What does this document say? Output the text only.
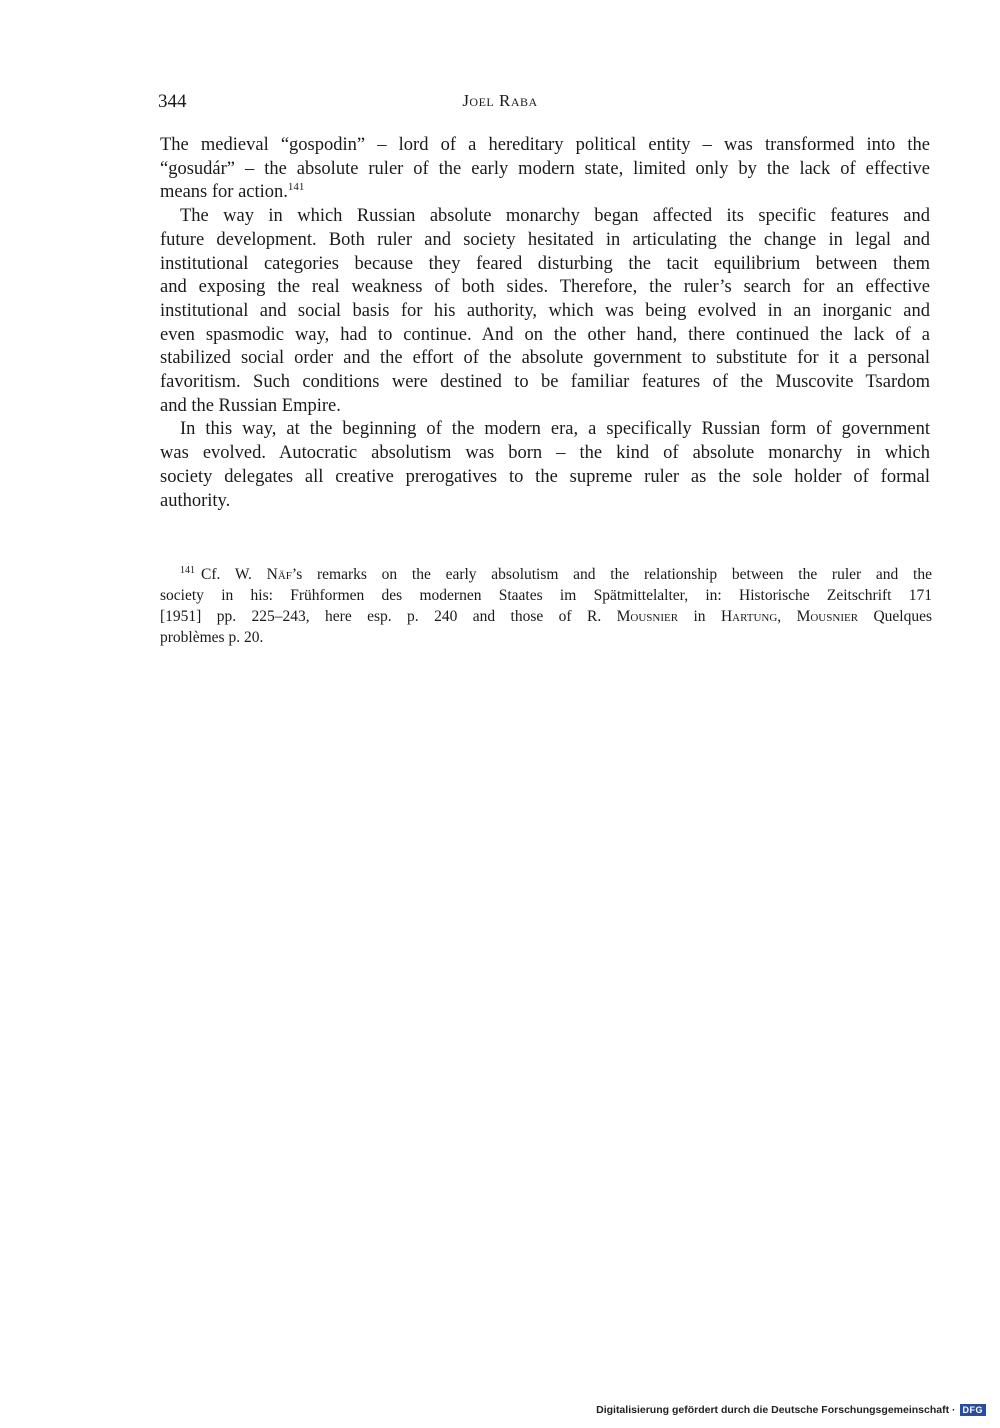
344	Joel Raba

The medieval “gospodin” – lord of a hereditary political entity – was transformed into the
“gosudár” – the absolute ruler of the early modern state, limited only by the lack of effective
means for action.$^{141}$

The way in which Russian absolute monarchy began affected its specific features and
future development. Both ruler and society hesitated in articulating the change in legal and
institutional categories because they feared disturbing the tacit equilibrium between them
and exposing the real weakness of both sides. Therefore, the ruler’s search for an effective
institutional and social basis for his authority, which was being evolved in an inorganic and
even spasmodic way, had to continue. And on the other hand, there continued the lack of a
stabilized social order and the effort of the absolute government to substitute for it a personal
favoritism. Such conditions were destined to be familiar features of the Muscovite Tsardom
and the Russian Empire.

In this way, at the beginning of the modern era, a specifically Russian form of government
was evolved. Autocratic absolutism was born – the kind of absolute monarchy in which
society delegates all creative prerogatives to the supreme ruler as the sole holder of formal
authority.

$^{141}$ Cf. W. Näf’s remarks on the early absolutism and the relationship between the ruler and the
society in his: Frühformen des modernen Staates im Spätmittelalter, in: Historische Zeitschrift 171
[1951] pp. 225–243, here esp. p. 240 and those of R. Mousnier in Hartung, Mousnier Quelques
problèmes p. 20.
Digitalisierung gefördert durch die Deutsche Forschungsgemeinschaft · DFG
